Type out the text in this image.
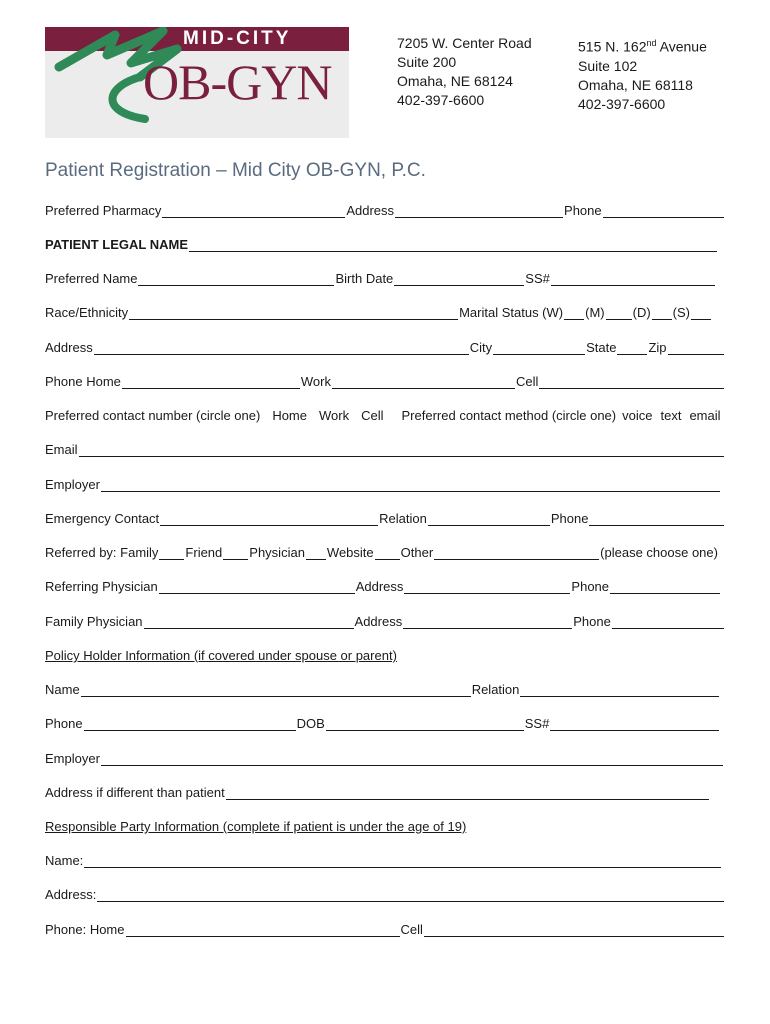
MID-CITY
OB-GYN
7205 W. Center Road
Suite 200
Omaha, NE 68124
402-397-6600
515 N. 162nd Avenue
Suite 102
Omaha, NE 68118
402-397-6600
Patient Registration – Mid City OB-GYN, P.C.
Preferred Pharmacy	Address	Phone
PATIENT LEGAL NAME
Preferred Name	Birth Date	SS#
Race/Ethnicity	Marital Status (W) (M) (D) (S)
Address	City	State Zip
Phone Home	Work	Cell
Preferred contact number (circle one) Home Work Cell Preferred contact method (circle one) voice text email
Email
Employer
Emergency Contact	Relation	Phone
Referred by: Family Friend Physician Website Other	(please choose one)
Referring Physician	Address	Phone
Family Physician	Address	Phone
Policy Holder Information (if covered under spouse or parent)
Name	Relation
Phone	DOB	SS#
Employer
Address if different than patient
Responsible Party Information (complete if patient is under the age of 19)
Name:
Address:
Phone: Home	Cell
